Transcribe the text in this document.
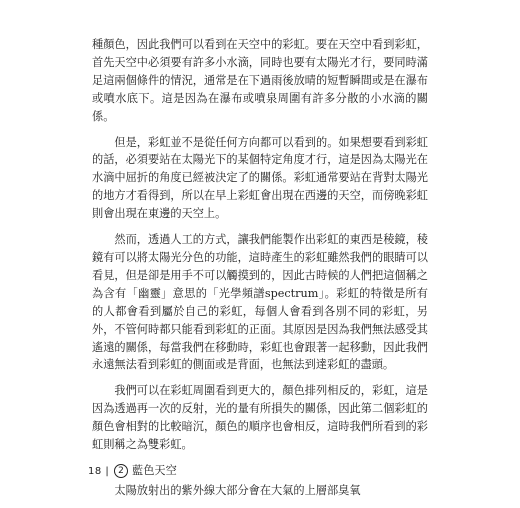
種顏色，因此我們可以看到在天空中的彩虹。要在天空中看到彩虹，首先天空中必須要有許多小水滴，同時也要有太陽光才行，要同時滿足這兩個條件的情況，通常是在下過雨後放晴的短暫瞬間或是在瀑布或噴水底下。這是因為在瀑布或噴泉周圍有許多分散的小水滴的關係。

但是，彩虹並不是從任何方向都可以看到的。如果想要看到彩虹的話，必須要站在太陽光下的某個特定角度才行，這是因為太陽光在水滴中屈折的角度已經被決定了的關係。彩虹通常要站在背對太陽光的地方才看得到，所以在早上彩虹會出現在西邊的天空，而傍晚彩虹則會出現在東邊的天空上。

然而，透過人工的方式，讓我們能製作出彩虹的東西是稜鏡，稜鏡有可以將太陽光分色的功能，這時產生的彩虹雖然我們的眼睛可以看見，但是卻是用手不可以觸摸到的，因此古時候的人們把這個稱之為含有「幽靈」意思的「光學頻譜spectrum」。彩虹的特徵是所有的人都會看到屬於自己的彩虹，每個人會看到各別不同的彩虹，另外，不管何時都只能看到彩虹的正面。其原因是因為我們無法感受其遙遠的關係，每當我們在移動時，彩虹也會跟著一起移動，因此我們永遠無法看到彩虹的側面或是背面，也無法到達彩虹的盡頭。

我們可以在彩虹周圍看到更大的，顏色排列相反的，彩虹，這是因為透過再一次的反射，光的量有所損失的關係，因此第二個彩虹的顏色會相對的比較暗沉，顏色的順序也會相反，這時我們所看到的彩虹則稱之為雙彩虹。

2 藍色天空

太陽放射出的紫外線大部分會在大氣的上層部臭氧

18 |
